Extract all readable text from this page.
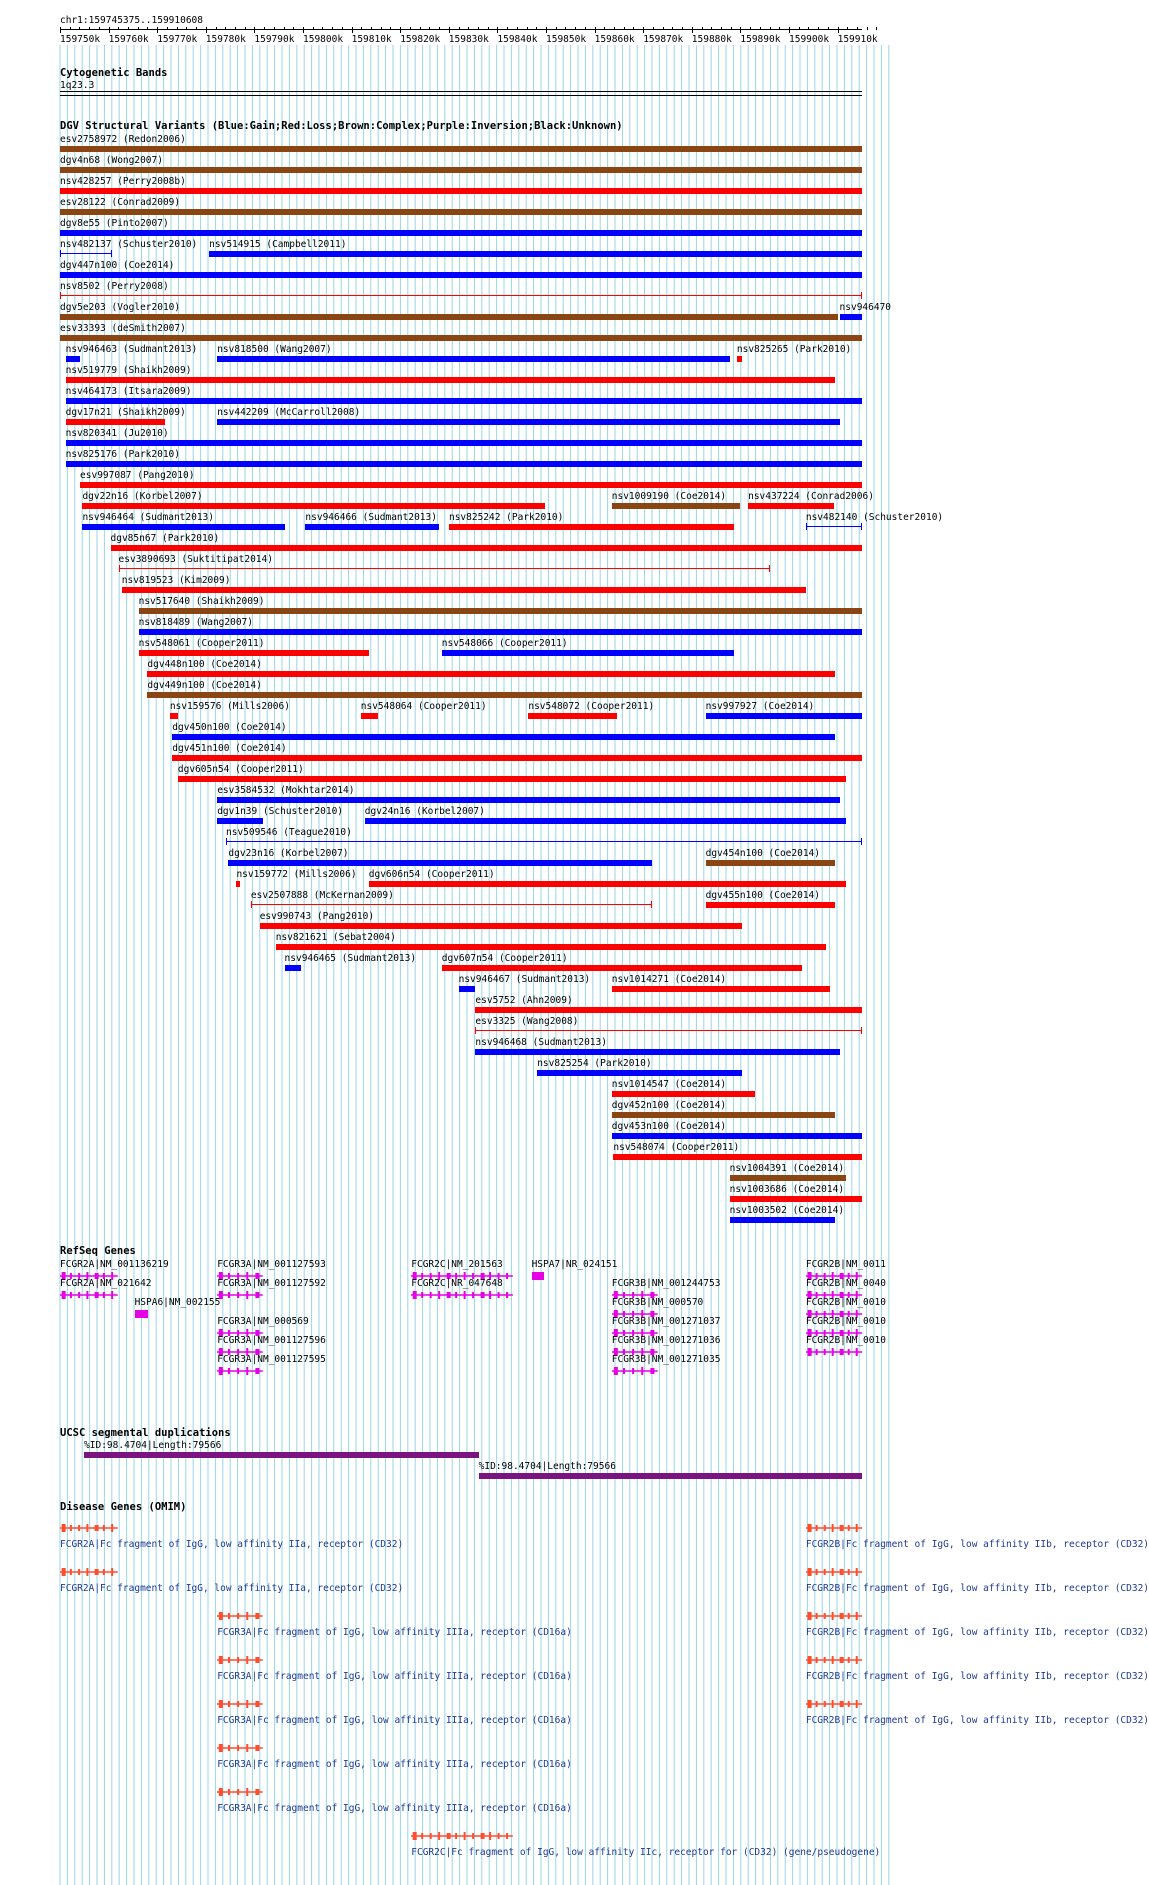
chr1:159745375..159910608
159750k 159760k 159770k 159780k 159790k 159800k 159810k 159820k 159830k 159840k 159850k 159860k 159870k 159880k 159890k 159900k 159910k
Cytogenetic Bands
1q23.3
DGV Structural Variants (Blue:Gain;Red:Loss;Brown:Complex;Purple:Inversion;Black:Unknown)
esv2758972 (Redon2006)
dgv4n68 (Wong2007)
nsv428257 (Perry2008b)
esv28122 (Conrad2009)
dgv8e55 (Pinto2007)
nsv482137 (Schuster2010) nsv514915 (Campbell2011)
dgv447n100 (Coe2014)
nsv8502 (Perry2008)
dgv5e203 (Vogler2010)	nsv946470
esv33393 (deSmith2007)
nsv946463 (Sudmant2013) nsv818500 (Wang2007)	nsv825265 (Park2010)
nsv519779 (Shaikh2009)
nsv464173 (Itsara2009)
dgv17n21 (Shaikh2009)	nsv442209 (McCarroll2008)
nsv820341 (Ju2010)
nsv825176 (Park2010)
esv997087 (Pang2010)
dgv22n16 (Korbel2007)	nsv1009190 (Coe2014) nsv437224 (Conrad2006)
nsv946464 (Sudmant2013)	nsv946466 (Sudmant2013) nsv825242 (Park2010)	nsv482140 (Schuster2010)
dgv85n67 (Park2010)
esv3890693 (Suktitipat2014)
nsv819523 (Kim2009)
nsv517640 (Shaikh2009)
nsv818489 (Wang2007)
nsv548061 (Cooper2011)	nsv548066 (Cooper2011)
dgv448n100 (Coe2014)
dgv449n100 (Coe2014)
nsv159576 (Mills2006)	nsv548064 (Cooper2011)	nsv548072 (Cooper2011)	nsv997927 (Coe2014)
dgv450n100 (Coe2014)
dgv451n100 (Coe2014)
dgv605n54 (Cooper2011)
esv3584532 (Mokhtar2014)
dgv1n39 (Schuster2010) dgv24n16 (Korbel2007)
nsv509546 (Teague2010)
dgv23n16 (Korbel2007)	dgv454n100 (Coe2014)
nsv159772 (Mills2006) dgv606n54 (Cooper2011)
esv2507888 (McKernan2009)	dgv455n100 (Coe2014)
esv990743 (Pang2010)
nsv821621 (Sebat2004)
nsv946465 (Sudmant2013)	dgv607n54 (Cooper2011)
nsv946467 (Sudmant2013) nsv1014271 (Coe2014)
esv5752 (Ahn2009)
esv3325 (Wang2008)
nsv946468 (Sudmant2013)
nsv825254 (Park2010)
nsv1014547 (Coe2014)
dgv452n100 (Coe2014)
dgv453n100 (Coe2014)
nsv548074 (Cooper2011)
nsv1004391 (Coe2014)
nsv1003686 (Coe2014)
nsv1003502 (Coe2014)
RefSeq Genes
FCGR2A|NM_001136219	FCGR3A|NM_001127593	FCGR2C|NM_201563	HSPA7|NR_024151	FCGR2B|NM_0011
FCGR2A|NM_021642	FCGR3A|NM_001127592	FCGR2C|NR_047648	FCGR3B|NM_001244753	FCGR2B|NM_0040
HSPA6|NM_002155	FCGR3B|NM_000570	FCGR2B|NM_0010
FCGR3A|NM_000569	FCGR3B|NM_001271037	FCGR2B|NM_0010
FCGR3A|NM_001127596	FCGR3B|NM_001271036	FCGR2B|NM_0010
FCGR3A|NM_001127595	FCGR3B|NM_001271035
UCSC segmental duplications
%ID:98.4704|Length:79566
%ID:98.4704|Length:79566
Disease Genes (OMIM)
FCGR2A|Fc fragment of IgG, low affinity IIa, receptor (CD32)	FCGR2B|Fc fragment of IgG, low affinity IIb, receptor (CD32)
FCGR2A|Fc fragment of IgG, low affinity IIa, receptor (CD32)	FCGR2B|Fc fragment of IgG, low affinity IIb, receptor (CD32)
FCGR3A|Fc fragment of IgG, low affinity IIIa, receptor (CD16a)	FCGR2B|Fc fragment of IgG, low affinity IIb, receptor (CD32)
FCGR3A|Fc fragment of IgG, low affinity IIIa, receptor (CD16a)	FCGR2B|Fc fragment of IgG, low affinity IIb, receptor (CD32)
FCGR3A|Fc fragment of IgG, low affinity IIIa, receptor (CD16a)	FCGR2B|Fc fragment of IgG, low affinity IIb, receptor (CD32)
FCGR3A|Fc fragment of IgG, low affinity IIIa, receptor (CD16a)
FCGR3A|Fc fragment of IgG, low affinity IIIa, receptor (CD16a)
FCGR2C|Fc fragment of IgG, low affinity IIc, receptor for (CD32) (gene/pseudogene)
